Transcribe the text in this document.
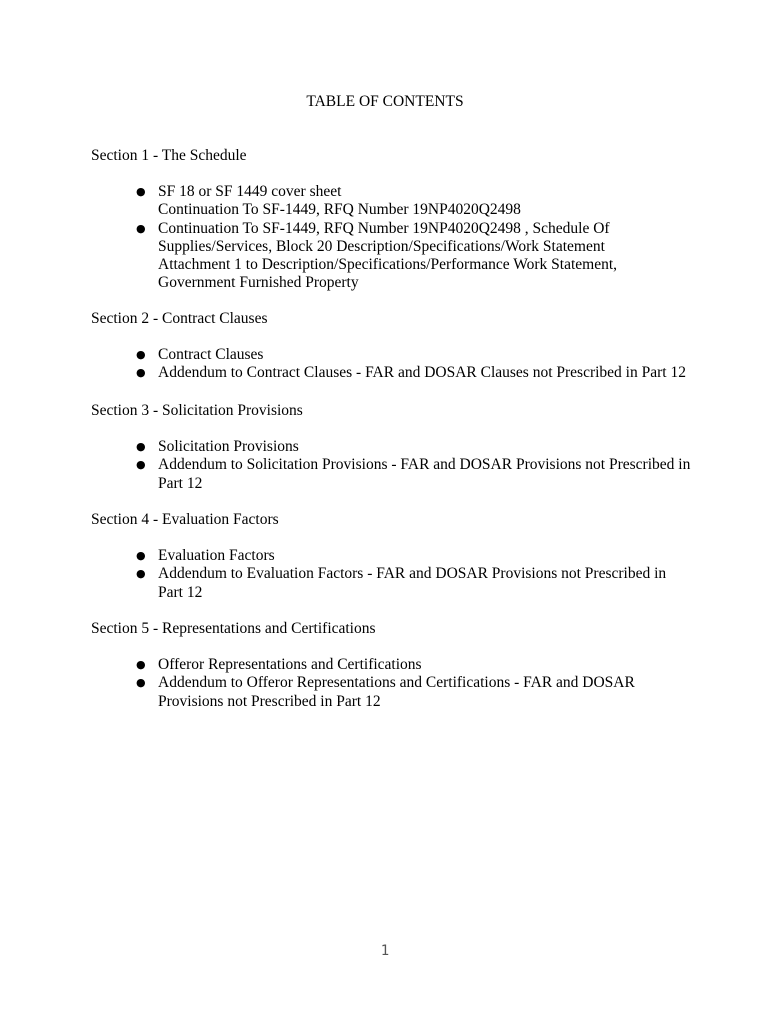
TABLE OF CONTENTS

Section 1 - The Schedule

● SF 18 or SF 1449 cover sheet
Continuation To SF-1449, RFQ Number 19NP4020Q2498
● Continuation To SF-1449, RFQ Number 19NP4020Q2498 , Schedule Of
Supplies/Services, Block 20 Description/Specifications/Work Statement
Attachment 1 to Description/Specifications/Performance Work Statement,
Government Furnished Property

Section 2 - Contract Clauses

● Contract Clauses
● Addendum to Contract Clauses - FAR and DOSAR Clauses not Prescribed in Part 12

Section 3 - Solicitation Provisions

● Solicitation Provisions
● Addendum to Solicitation Provisions - FAR and DOSAR Provisions not Prescribed in
Part 12

Section 4 - Evaluation Factors

● Evaluation Factors
● Addendum to Evaluation Factors - FAR and DOSAR Provisions not Prescribed in
Part 12

Section 5 - Representations and Certifications

● Offeror Representations and Certifications
● Addendum to Offeror Representations and Certifications - FAR and DOSAR
Provisions not Prescribed in Part 12
1
